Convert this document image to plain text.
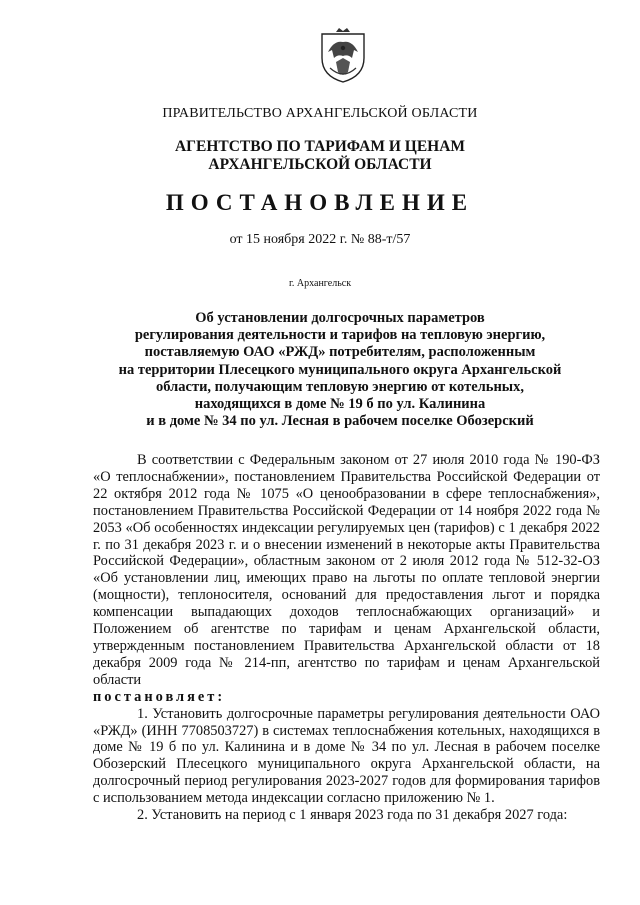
ПРАВИТЕЛЬСТВО АРХАНГЕЛЬСКОЙ ОБЛАСТИ
АГЕНТСТВО ПО ТАРИФАМ И ЦЕНАМ
АРХАНГЕЛЬСКОЙ ОБЛАСТИ
ПОСТАНОВЛЕНИЕ
от 15 ноября 2022 г. № 88-т/57
г. Архангельск
Об установлении долгосрочных параметров
регулирования деятельности и тарифов на тепловую энергию,
поставляемую ОАО «РЖД» потребителям, расположенным
на территории Плесецкого муниципального округа Архангельской
области, получающим тепловую энергию от котельных,
находящихся в доме № 19 б по ул. Калинина
и в доме № 34 по ул. Лесная в рабочем поселке Обозерский

В соответствии с Федеральным законом от 27 июля 2010 года № 190-ФЗ «О теплоснабжении», постановлением Правительства Российской Федерации от 22 октября 2012 года № 1075 «О ценообразовании в сфере теплоснабжения», постановлением Правительства Российской Федерации от 14 ноября 2022 года № 2053 «Об особенностях индексации регулируемых цен (тарифов) с 1 декабря 2022 г. по 31 декабря 2023 г. и о внесении изменений в некоторые акты Правительства Российской Федерации», областным законом от 2 июля 2012 года № 512-32-ОЗ «Об установлении лиц, имеющих право на льготы по оплате тепловой энергии (мощности), теплоносителя, оснований для предоставления льгот и порядка компенсации выпадающих доходов теплоснабжающих организаций» и Положением об агентстве по тарифам и ценам Архангельской области, утвержденным постановлением Правительства Архангельской области от 18 декабря 2009 года № 214-пп, агентство по тарифам и ценам Архангельской области

постановляет:

1. Установить долгосрочные параметры регулирования деятельности ОАО «РЖД» (ИНН 7708503727) в системах теплоснабжения котельных, находящихся в доме № 19 б по ул. Калинина и в доме № 34 по ул. Лесная в рабочем поселке Обозерский Плесецкого муниципального округа Архангельской области, на долгосрочный период регулирования 2023-2027 годов для формирования тарифов с использованием метода индексации согласно приложению № 1.

2. Установить на период с 1 января 2023 года по 31 декабря 2027 года:
